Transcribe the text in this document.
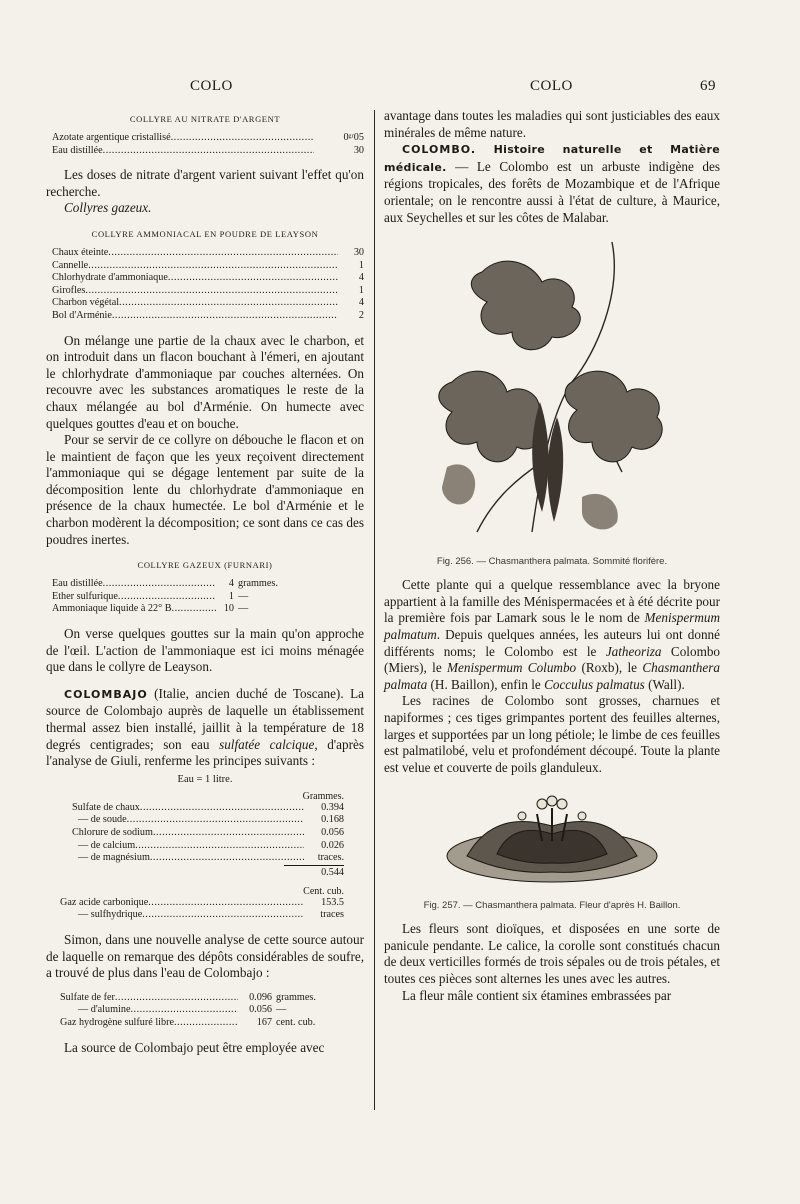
COLO	COLO	69
COLLYRE AU NITRATE D'ARGENT
Azotate argentique cristallisé .....	0ᵍʳ05
Eau distillée .....	30

Les doses de nitrate d'argent varient suivant l'effet qu'on recherche.

Collyres gazeux.

COLLYRE AMMONIACAL EN POUDRE DE LEAYSON
Chaux éteinte .....	30
Cannelle .....	1
Chlorhydrate d'ammoniaque .....	4
Girofles .....	1
Charbon végétal .....	4
Bol d'Arménie .....	2

On mélange une partie de la chaux avec le charbon, et on introduit dans un flacon bouchant à l'émeri, en ajoutant le chlorhydrate d'ammoniaque par couches alternées. On recouvre avec les substances aromatiques le reste de la chaux mélangée au bol d'Arménie. On humecte avec quelques gouttes d'eau et on bouche.

Pour se servir de ce collyre on débouche le flacon et on le maintient de façon que les yeux reçoivent directement l'ammoniaque qui se dégage lentement par suite de la décomposition lente du chlorhydrate d'ammoniaque en présence de la chaux humectée. Le bol d'Arménie et le charbon modèrent la décomposition; ce sont dans ce cas des poudres inertes.

COLLYRE GAZEUX (FURNARI)
Eau distillée .....	4 grammes.
Ether sulfurique .....	1 —
Ammoniaque liquide à 22° B .....	10 —

On verse quelques gouttes sur la main qu'on approche de l'œil. L'action de l'ammoniaque est ici moins ménagée que dans le collyre de Leayson.

COLOMBAJO (Italie, ancien duché de Toscane). La source de Colombajo auprès de laquelle un établissement thermal assez bien installé, jaillit à la température de 18 degrés centigrades; son eau sulfatée calcique, d'après l'analyse de Giuli, renferme les principes suivants :

Eau = 1 litre.
Grammes.
Sulfate de chaux .....	0.394
— de soude .....	0.168
Chlorure de sodium .....	0.056
— de calcium .....	0.026
— de magnésium .....	traces.
0.544
Cent. cub.
Gaz acide carbonique .....	153.5
— sulfhydrique .....	traces

Simon, dans une nouvelle analyse de cette source autour de laquelle on remarque des dépôts considérables de soufre, a trouvé de plus dans l'eau de Colombajo :

Sulfate de fer .....	0.096 grammes.
— d'alumine .....	0.056 —
Gaz hydrogène sulfuré libre .....	167 cent. cub.

La source de Colombajo peut être employée avec

avantage dans toutes les maladies qui sont justiciables des eaux minérales de même nature.

COLOMBO. Histoire naturelle et Matière médicale. — Le Colombo est un arbuste indigène des régions tropicales, des forêts de Mozambique et de l'Afrique orientale; on le rencontre aussi à l'état de culture, à Maurice, aux Seychelles et sur les côtes de Malabar.

Fig. 256. — Chasmanthera palmata. Sommité florifère.

Cette plante qui a quelque ressemblance avec la bryone appartient à la famille des Ménispermacées et à été décrite pour la première fois par Lamark sous le le nom de Menispermum palmatum. Depuis quelques années, les auteurs lui ont donné différents noms; le Colombo est le Jatheoriza Colombo (Miers), le Menispermum Columbo (Roxb), le Chasmanthera palmata (H. Baillon), enfin le Cocculus palmatus (Wall).

Les racines de Colombo sont grosses, charnues et napiformes ; ces tiges grimpantes portent des feuilles alternes, larges et supportées par un long pétiole; le limbe de ces feuilles est palmatilobé, velu et profondément découpé. Toute la plante est velue et couverte de poils glanduleux.

Fig. 257. — Chasmanthera palmata. Fleur d'après H. Baillon.

Les fleurs sont dioïques, et disposées en une sorte de panicule pendante. Le calice, la corolle sont constitués chacun de deux verticilles formés de trois sépales ou de trois pétales, et toutes ces pièces sont alternes les unes avec les autres.

La fleur mâle contient six étamines embrassées par
